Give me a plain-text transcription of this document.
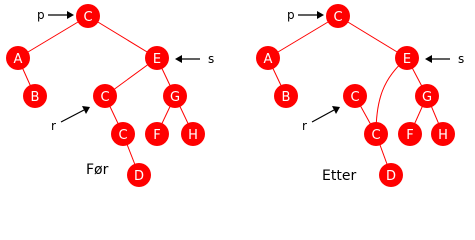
C
A
B
E
C
C
D
G
F H
p
s
r
Før
C
A
B
E
C
C
D
G
F H
p
s
r
Etter
